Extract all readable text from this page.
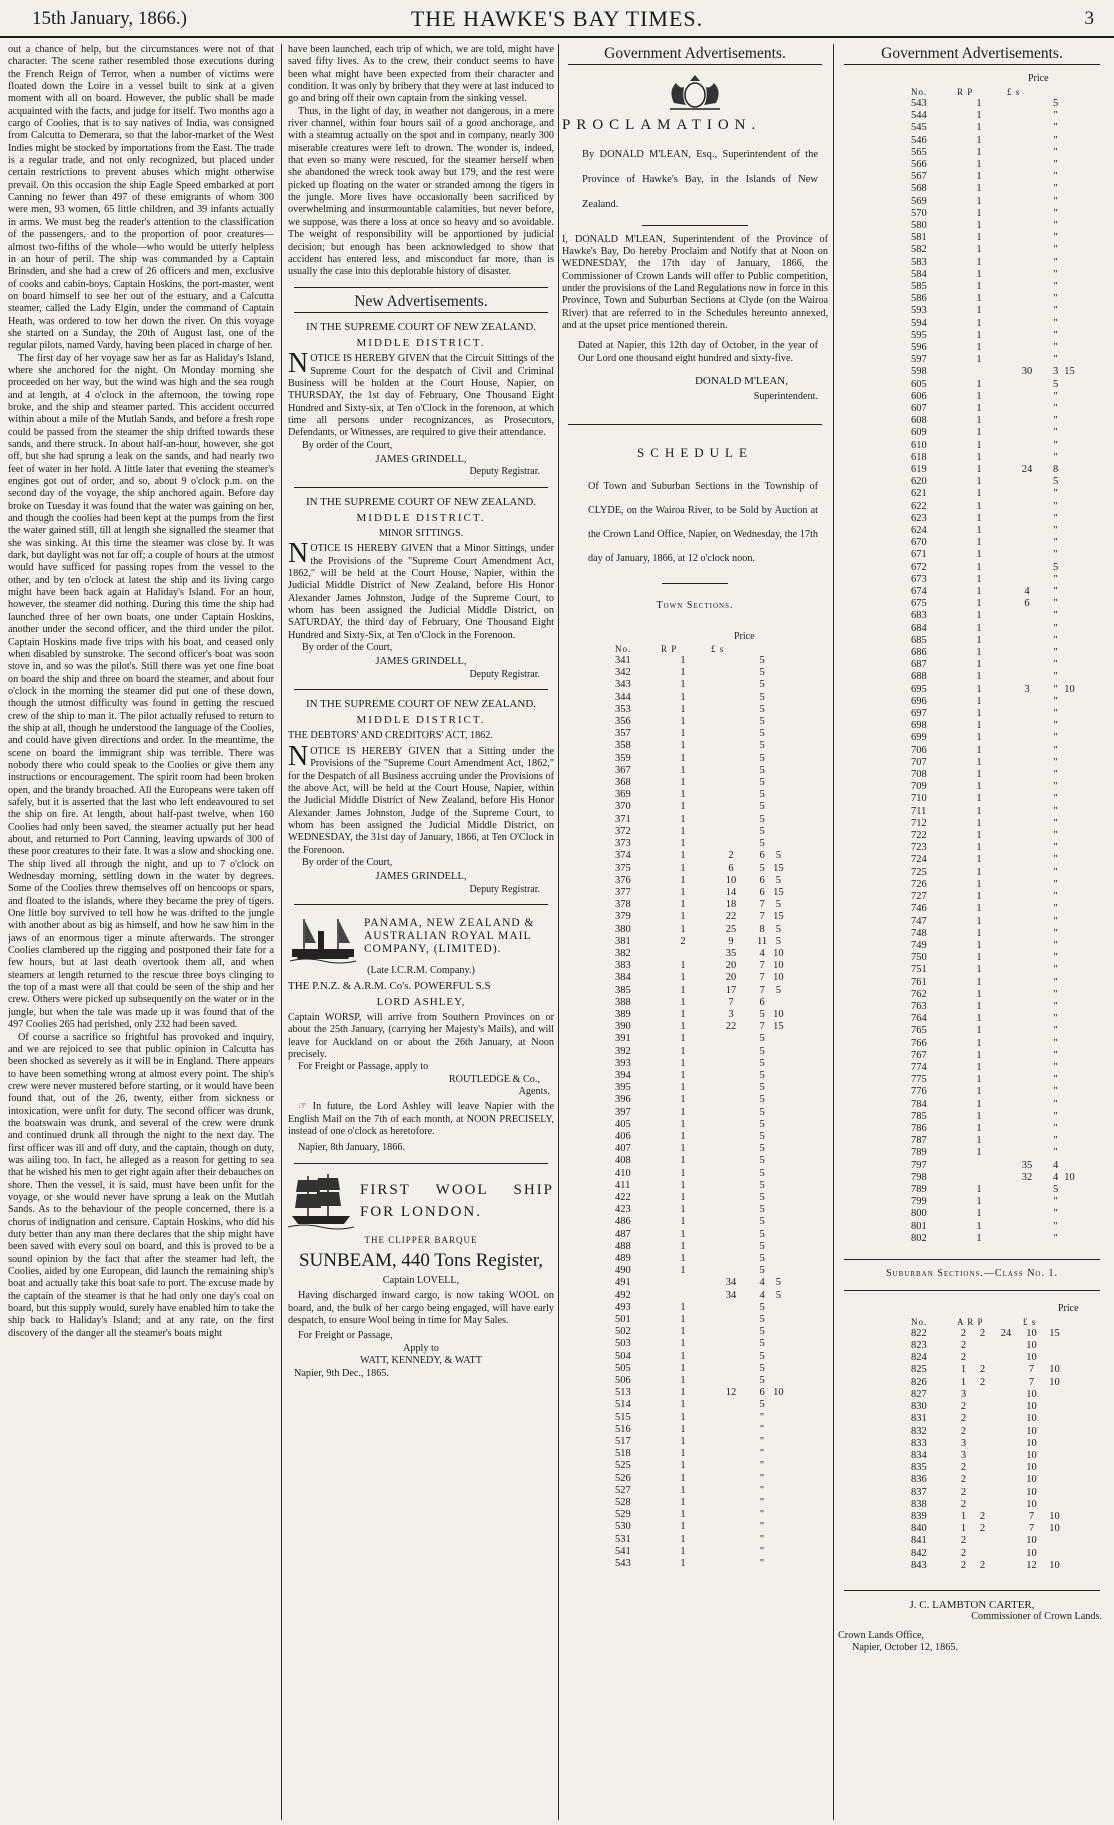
15th January, 1866.)	THE HAWKE'S BAY TIMES.	3

out a chance of help, but the circumstances were not of that character. The scene rather resembled those executions during the French Reign of Terror, when a number of victims were floated down the Loire in a vessel built to sink at a given moment with all on board. However, the public shall be made acquainted with the facts, and judge for itself. Two months ago a cargo of Coolies, that is to say natives of India, was consigned from Calcutta to Demerara, so that the labor-market of the West Indies might be stocked by importations from the East. The trade is a regular trade, and not only recognized, but placed under certain restrictions to prevent abuses which might otherwise prevail. On this occasion the ship Eagle Speed embarked at port Canning no fewer than 497 of these emigrants of whom 300 were men, 93 women, 65 little children, and 39 infants actually in arms. We must beg the reader's attention to the classification of the passengers, and to the proportion of poor creatures—almost two-fifths of the whole—who would be utterly helpless in an hour of peril. The ship was commanded by a Captain Brinsden, and she had a crew of 26 officers and men, exclusive of cooks and cabin-boys. Captain Hoskins, the port-master, went on board himself to see her out of the estuary, and a Calcutta steamer, called the Lady Elgin, under the command of Captain Heath, was ordered to tow her down the river. On this voyage she started on a Sunday, the 20th of August last, one of the regular pilots, named Vardy, having been placed in charge of her.

The first day of her voyage saw her as far as Haliday's Island, where she anchored for the night. On Monday morning she proceeded on her way, but the wind was high and the sea rough and at length, at 4 o'clock in the afternoon, the towing rope broke, and the ship and steamer parted. This accident occurred within about a mile of the Mutlah Sands, and before a fresh rope could be passed from the steamer the ship drifted towards these sands, and there struck. In about half-an-hour, however, she got off, but she had sprung a leak on the sands, and had nearly two feet of water in her hold. A little later that evening the steamer's engines got out of order, and so, about 9 o'clock p.m. on the second day of the voyage, the ship anchored again. Before day broke on Tuesday it was found that the water was gaining on her, and though the coolies had been kept at the pumps from the first the water gained still, till at length she signalled the steamer that she was sinking. At this time the steamer was close by. It was dark, but daylight was not far off; a couple of hours at the utmost would have sufficed for passing ropes from the vessel to the other, and by ten o'clock at latest the ship and its living cargo might have been back again at Haliday's Island. For an hour, however, the steamer did nothing. During this time the ship had launched three of her own boats, one under Captain Hoskins, another under the second officer, and the third under the pilot. Captain Hoskins made five trips with his boat, and ceased only when disabled by sunstroke. The second officer's boat was soon stove in, and so was the pilot's. Still there was yet one fine boat on board the ship and three on board the steamer, and about four o'clock in the morning the steamer did put one of these down, though the utmost difficulty was found in getting the rescued crew of the ship to man it. The pilot actually refused to return to the ship at all, though he understood the language of the Coolies, and could have given directions and order. In the meantime, the scene on board the immigrant ship was terrible. There was nobody there who could speak to the Coolies or give them any instructions or encouragement. The spirit room had been broken open, and the brandy broached. All the Europeans were taken off safely, but it is asserted that the last who left endeavoured to set the ship on fire. At length, about half-past twelve, when 160 Coolies had only been saved, the steamer actually put her head about, and returned to Port Canning, leaving upwards of 300 of these poor creatures to their fate. It was a slow and shocking one. The ship lived all through the night, and up to 7 o'clock on Wednesday morning, settling down in the water by degrees. Some of the Coolies threw themselves off on hencoops or spars, and floated to the islands, where they became the prey of tigers. One little boy survived to tell how he was drifted to the jungle with another about as big as himself, and how he saw him in the jaws of an enormous tiger a minute afterwards. The stronger Coolies clambered up the rigging and postponed their fate for a few hours, but at last death overtook them all, and when steamers at length returned to the rescue three boys clinging to the top of a mast were all that could be seen of the ship and her crew. Others were picked up subsequently on the water or in the jungle, but when the tale was made up it was found that of the 497 Coolies 265 had perished, only 232 had been saved.

Of course a sacrifice so frightful has provoked and inquiry, and we are rejoiced to see that public opinion in Calcutta has been shocked as severely as it will be in England. There appears to have been something wrong at almost every point. The ship's crew were never mustered before starting, or it would have been found that, out of the 26, twenty, either from sickness or intoxication, were unfit for duty. The second officer was drunk, the boatswain was drunk, and several of the crew were drunk and continued drunk all through the night to the next day. The first officer was ill and off duty, and the captain, though on duty, was ailing too. In fact, he alleged as a reason for getting to sea that he wished his men to get right again after their debauches on shore. Then the vessel, it is said, must have been unfit for the voyage, or she would never have sprung a leak on the Mutlah Sands. As to the behaviour of the people concerned, there is a chorus of indignation and censure. Captain Hoskins, who did his duty better than any man there declares that the ship might have been saved with every soul on board, and this is proved to be a sound opinion by the fact that after the steamer had left, the Coolies, aided by one European, did launch the remaining ship's boat and actually take this boat safe to port. The excuse made by the captain of the steamer is that he had only one day's coal on board, but this supply would, surely have enabled him to take the ship back to Haliday's Island; and at any rate, on the first discovery of the danger all the steamer's boats might

have been launched, each trip of which, we are told, might have saved fifty lives. As to the crew, their conduct seems to have been what might have been expected from their character and condition. It was only by bribery that they were at last induced to go and bring off their own captain from the sinking vessel.

Thus, in the light of day, in weather not dangerous, in a mere river channel, within four hours sail of a good anchorage, and with a steamtug actually on the spot and in company, nearly 300 miserable creatures were left to drown. The wonder is, indeed, that even so many were rescued, for the steamer herself when she abandoned the wreck took away but 179, and the rest were picked up floating on the water or stranded among the tigers in the jungle. More lives have occasionally been sacrificed by overwhelming and insurmountable calamities, but never before, we suppose, was there a loss at once so heavy and so avoidable. The weight of responsibility will be apportioned by judicial decision; but enough has been acknowledged to show that accident has entered less, and misconduct far more, than is usually the case into this deplorable history of disaster.

New Advertisements.
IN THE SUPREME COURT OF NEW ZEALAND.
MIDDLE DISTRICT.

NOTICE IS HEREBY GIVEN that the Circuit Sittings of the Supreme Court for the despatch of Civil and Criminal Business will be holden at the Court House, Napier, on THURSDAY, the 1st day of February, One Thousand Eight Hundred and Sixty-six, at Ten o'Clock in the forenoon, at which time all persons under recognizances, as Prosecutors, Defendants, or Witnesses, are required to give their attendance.

By order of the Court,
JAMES GRINDELL,
Deputy Registrar.
IN THE SUPREME COURT OF NEW ZEALAND.
MIDDLE DISTRICT.
MINOR SITTINGS.

NOTICE IS HEREBY GIVEN that a Minor Sittings, under the Provisions of the "Supreme Court Amendment Act, 1862," will be held at the Court House, Napier, within the Judicial Middle District of New Zealand, before His Honor Alexander James Johnston, Judge of the Supreme Court, to whom has been assigned the Judicial Middle District, on SATURDAY, the third day of February, One Thousand Eight Hundred and Sixty-Six, at Ten o'Clock in the Forenoon.

By order of the Court,
JAMES GRINDELL,
Deputy Registrar.
IN THE SUPREME COURT OF NEW ZEALAND.
MIDDLE DISTRICT.
THE DEBTORS' AND CREDITORS' ACT, 1862.

NOTICE IS HEREBY GIVEN that a Sitting under the Provisions of the "Supreme Court Amendment Act, 1862," for the Despatch of all Business accruing under the Provisions of the above Act, will be held at the Court House, Napier, within the Judicial Middle District of New Zealand, before His Honor Alexander James Johnston, Judge of the Supreme Court, to whom has been assigned the Judicial Middle District, on WEDNESDAY, the 31st day of January, 1866, at Ten O'Clock in the Forenoon.

By order of the Court,
JAMES GRINDELL,
Deputy Registrar.
PANAMA, NEW ZEALAND & AUSTRALIAN ROYAL MAIL COMPANY, (LIMITED).
(Late I.C.R.M. Company.)
THE P.N.Z. & A.R.M. Co's. POWERFUL S.S
LORD ASHLEY,

Captain WORSP, will arrive from Southern Provinces on or about the 25th January, (carrying her Majesty's Mails), and will leave for Auckland on or about the 26th January, at Noon precisely.

For Freight or Passage, apply to
ROUTLEDGE & Co.,
Agents.

☞ In future, the Lord Ashley will leave Napier with the English Mail on the 7th of each month, at NOON PRECISELY, instead of one o'clock as heretofore.

Napier, 8th January, 1866.
FIRST WOOL SHIP FOR LONDON.
THE CLIPPER BARQUE
SUNBEAM, 440 Tons Register,
Captain LOVELL,

Having discharged inward cargo, is now taking WOOL on board, and, the bulk of her cargo being engaged, will have early despatch, to ensure Wool being in time for May Sales.

For Freight or Passage,
Apply to
WATT, KENNEDY, & WATT
Napier, 9th Dec., 1865.
Government Advertisements.
PROCLAMATION.
By DONALD M'LEAN, Esq., Superintendent of the Province of Hawke's Bay, in the Islands of New Zealand.

I, DONALD M'LEAN, Superintendent of the Province of Hawke's Bay, Do hereby Proclaim and Notify that at Noon on WEDNESDAY, the 17th day of January, 1866, the Commissioner of Crown Lands will offer to Public competition, under the provisions of the Land Regulations now in force in this Province, Town and Suburban Sections at Clyde (on the Wairoa River) that are referred to in the Schedules hereunto annexed, and at the upset price mentioned therein.

Dated at Napier, this 12th day of October, in the year of Our Lord one thousand eight hundred and sixty-five.

DONALD M'LEAN,
Superintendent.
SCHEDULE
Of Town and Suburban Sections in the Township of CLYDE, on the Wairoa River, to be Sold by Auction at the Crown Land Office, Napier, on Wednesday, the 17th day of January, 1866, at 12 o'clock noon.
Town Sections.
Price
No.	R P	£ s		
341	1		5	
342	1		5	
343	1		5	
344	1		5	
353	1		5	
356	1		5	
357	1		5	
358	1		5	
359	1		5	
367	1		5	
368	1		5	
369	1		5	
370	1		5	
371	1		5	
372	1		5	
373	1		5	
374	1	2	6	5
375	1	6	5	15
376	1	10	6	5
377	1	14	6	15
378	1	18	7	5
379	1	22	7	15
380	1	25	8	5
381	2	9	11	5
382		35	4	10
383	1	20	7	10
384	1	20	7	10
385	1	17	7	5
388	1	7	6	
389	1	3	5	10
390	1	22	7	15
391	1		5	
392	1		5	
393	1		5	
394	1		5	
395	1		5	
396	1		5	
397	1		5	
405	1		5	
406	1		5	
407	1		5	
408	1		5	
410	1		5	
411	1		5	
422	1		5	
423	1		5	
486	1		5	
487	1		5	
488	1		5	
489	1		5	
490	1		5	
491		34	4	5
492		34	4	5
493	1		5	
501	1		5	
502	1		5	
503	1		5	
504	1		5	
505	1		5	
506	1		5	
513	1	12	6	10
514	1		5	
515	1		"	
516	1		"	
517	1		"	
518	1		"	
525	1		"	
526	1		"	
527	1		"	
528	1		"	
529	1		"	
530	1		"	
531	1		"	
541	1		"	
543	1		"	
Government Advertisements.
Price
No.	R P	£ s		
543	1		5	
544	1		"	
545	1		"	
546	1		"	
565	1		"	
566	1		"	
567	1		"	
568	1		"	
569	1		"	
570	1		"	
580	1		"	
581	1		"	
582	1		"	
583	1		"	
584	1		"	
585	1		"	
586	1		"	
593	1		"	
594	1		"	
595	1		"	
596	1		"	
597	1		"	
598		30	3	15
605	1		5	
606	1		"	
607	1		"	
608	1		"	
609	1		"	
610	1		"	
618	1		"	
619	1	24	8	
620	1		5	
621	1		"	
622	1		"	
623	1		"	
624	1		"	
670	1		"	
671	1		"	
672	1		5	
673	1		"	
674	1	4	"	
675	1	6	"	
683	1		"	
684	1		"	
685	1		"	
686	1		"	
687	1		"	
688	1		"	
695	1	3	"	10
696	1		"	
697	1		"	
698	1		"	
699	1		"	
706	1		"	
707	1		"	
708	1		"	
709	1		"	
710	1		"	
711	1		"	
712	1		"	
722	1		"	
723	1		"	
724	1		"	
725	1		"	
726	1		"	
727	1		"	
746	1		"	
747	1		"	
748	1		"	
749	1		"	
750	1		"	
751	1		"	
761	1		"	
762	1		"	
763	1		"	
764	1		"	
765	1		"	
766	1		"	
767	1		"	
774	1		"	
775	1		"	
776	1		"	
784	1		"	
785	1		"	
786	1		"	
787	1		"	
789	1		"	
797		35	4	
798		32	4	10
789	1		5	
799	1		"	
800	1		"	
801	1		"	
802	1		"	
Suburban Sections.—Class No. 1.
Price
No.	A R P			£ s	
822	2	2	24	10	15
823	2			10	
824	2			10	
825	1	2		7	10
826	1	2		7	10
827	3			10	
830	2			10	
831	2			10	
832	2			10	
833	3			10	
834	3			10	
835	2			10	
836	2			10	
837	2			10	
838	2			10	
839	1	2		7	10
840	1	2		7	10
841	2			10	
842	2			10	
843	2	2		12	10
J. C. LAMBTON CARTER,
Commissioner of Crown Lands.
Crown Lands Office,
Napier, October 12, 1865.
